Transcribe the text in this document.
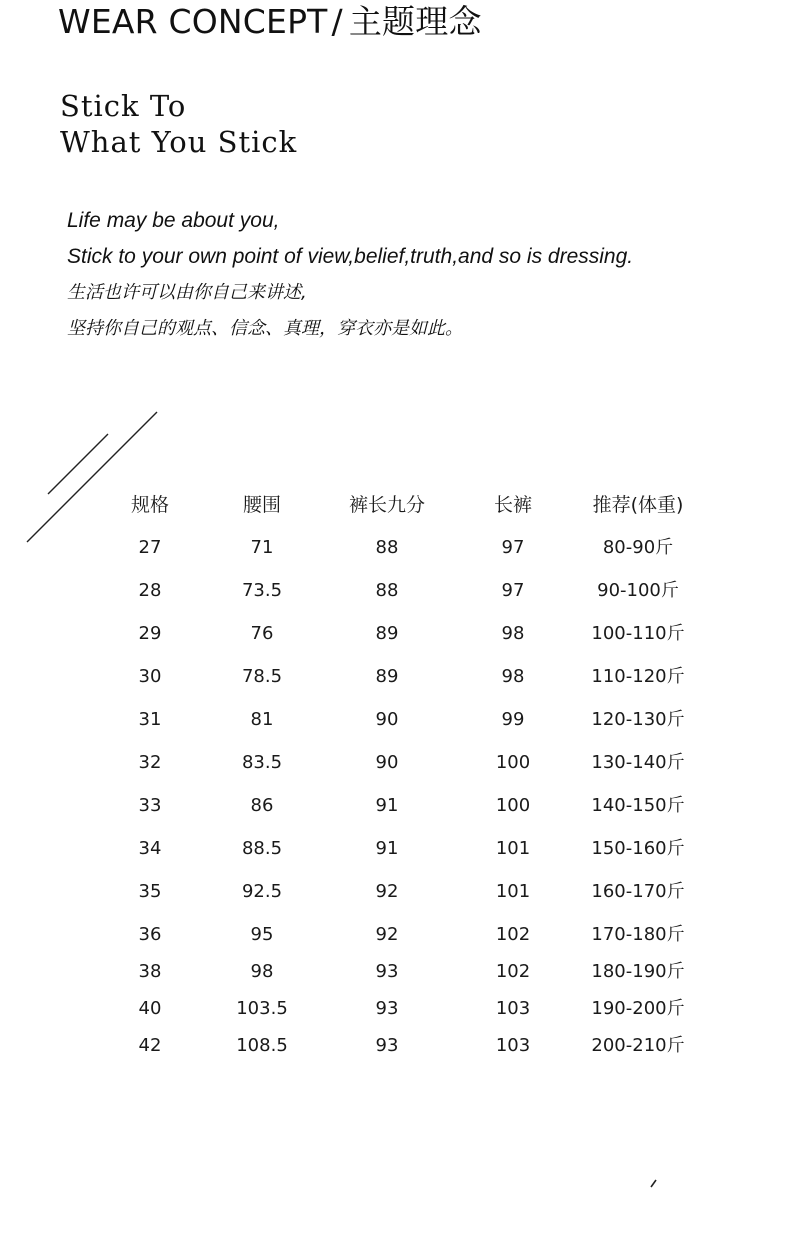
WEAR CONCEPT / 主题理念
Stick To
What You Stick
Life may be about you,
Stick to your own point of view,belief,truth,and so is dressing.
生活也许可以由你自己来讲述,
坚持你自己的观点、信念、真理，穿衣亦是如此。
规格	腰围	裤长九分	长裤	推荐(体重)
27	71	88	97	80-90斤
28	73.5	88	97	90-100斤
29	76	89	98	100-110斤
30	78.5	89	98	110-120斤
31	81	90	99	120-130斤
32	83.5	90	100	130-140斤
33	86	91	100	140-150斤
34	88.5	91	101	150-160斤
35	92.5	92	101	160-170斤
36	95	92	102	170-180斤
38	98	93	102	180-190斤
40	103.5	93	103	190-200斤
42	108.5	93	103	200-210斤
